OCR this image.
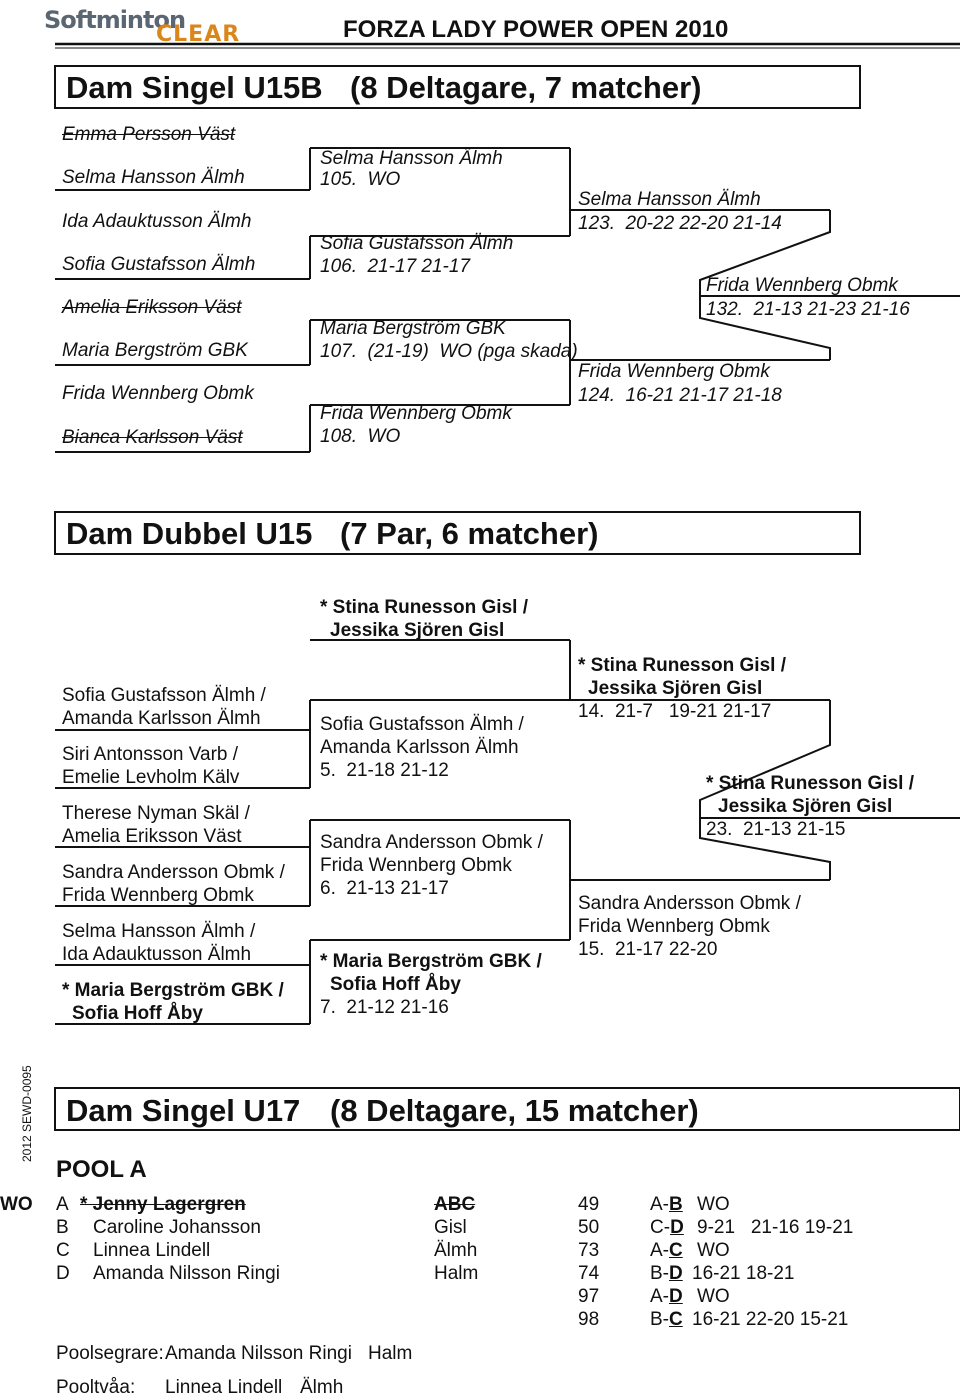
Softminton
CLEAR	FORZA LADY POWER OPEN 2010
Dam Singel U15B (8 Deltagare, 7 matcher)
Emma Persson Väst
Selma Hansson Älmh
Ida Adauktusson Älmh
Sofia Gustafsson Älmh
Amelia Eriksson Väst
Maria Bergström GBK
Frida Wennberg Obmk
Bianca Karlsson Väst
Selma Hansson Älmh
105.  WO
Sofia Gustafsson Älmh
106.  21-17 21-17
Maria Bergström GBK
107.  (21-19)  WO (pga skada)
Frida Wennberg Obmk
108.  WO
Selma Hansson Älmh
123.  20-22 22-20 21-14
Frida Wennberg Obmk
124.  16-21 21-17 21-18
Frida Wennberg Obmk
132.  21-13 21-23 21-16
Dam Dubbel U15 (7 Par, 6 matcher)
* Stina Runesson Gisl /
Jessika Sjören Gisl
Sofia Gustafsson Älmh /
Amanda Karlsson Älmh
Siri Antonsson Varb /
Emelie Levholm Kälv
Therese Nyman Skäl /
Amelia Eriksson Väst
Sandra Andersson Obmk /
Frida Wennberg Obmk
Selma Hansson Älmh /
Ida Adauktusson Älmh
* Maria Bergström GBK /
Sofia Hoff Åby
Sofia Gustafsson Älmh /
Amanda Karlsson Älmh
5.  21-18 21-12
Sandra Andersson Obmk /
Frida Wennberg Obmk
6.  21-13 21-17
* Maria Bergström GBK /
Sofia Hoff Åby
7.  21-12 21-16
* Stina Runesson Gisl /
Jessika Sjören Gisl
14.  21-7   19-21 21-17
Sandra Andersson Obmk /
Frida Wennberg Obmk
15.  21-17 22-20
* Stina Runesson Gisl /
Jessika Sjören Gisl
23.  21-13 21-15
2012 SEWD-0095 Dam Singel U17 (8 Deltagare, 15 matcher)
POOL A
WO A * Jenny Lagergren	ABC
B Caroline Johansson	Gisl
C Linnea Lindell	Älmh
D Amanda Nilsson Ringi	Halm
49	A-B WO
50	C-D 9-21   21-16 19-21
73	A-C WO
74	B-D 16-21 18-21
97	A-D WO
98	B-C 16-21 22-20 15-21
Poolsegrare: Amanda Nilsson Ringi Halm
Pooltvåa: Linnea Lindell Älmh
